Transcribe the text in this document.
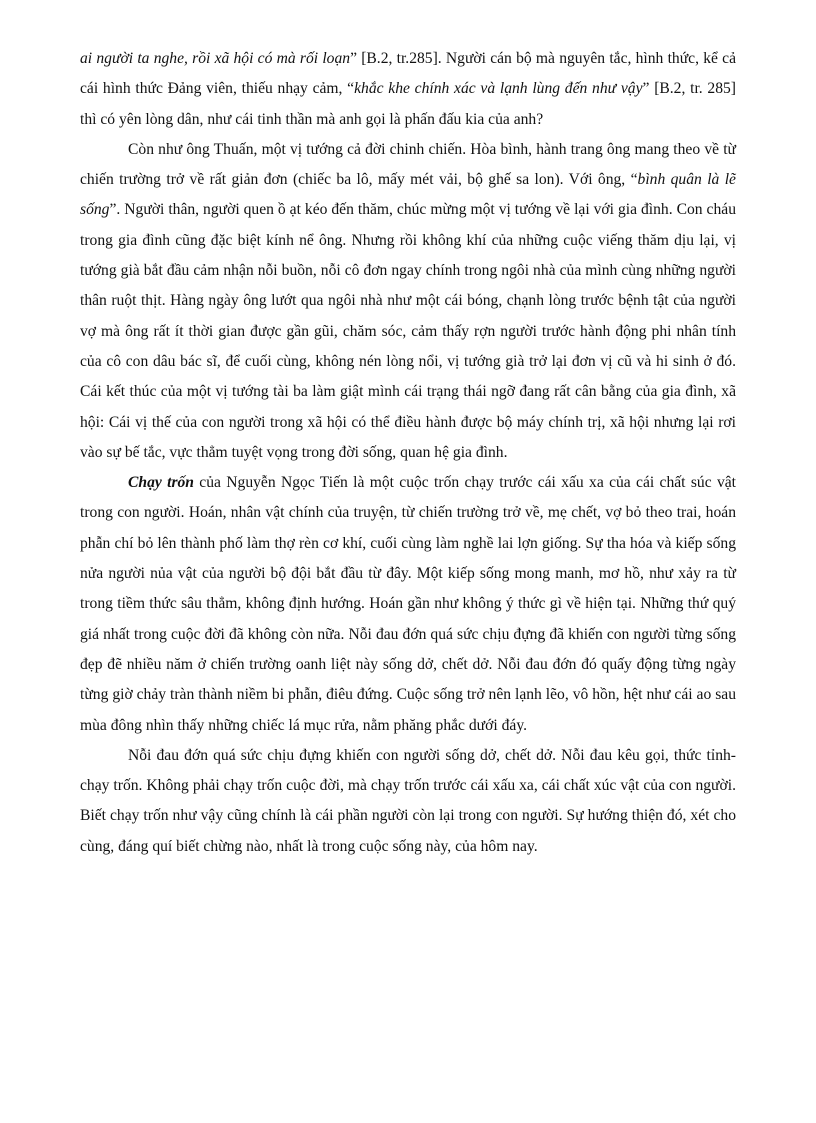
ai người ta nghe, rồi xã hội có mà rối loạn” [B.2, tr.285]. Người cán bộ mà nguyên tắc, hình thức, kể cả cái hình thức Đảng viên, thiếu nhạy cảm, “khắc khe chính xác và lạnh lùng đến như vậy” [B.2, tr. 285] thì có yên lòng dân, như cái tinh thần mà anh gọi là phấn đấu kia của anh?

Còn như ông Thuấn, một vị tướng cả đời chinh chiến. Hòa bình, hành trang ông mang theo về từ chiến trường trở về rất giản đơn (chiếc ba lô, mấy mét vải, bộ ghế sa lon). Với ông, “bình quân là lẽ sống”. Người thân, người quen ồ ạt kéo đến thăm, chúc mừng một vị tướng về lại với gia đình. Con cháu trong gia đình cũng đặc biệt kính nể ông. Nhưng rồi không khí của những cuộc viếng thăm dịu lại, vị tướng già bắt đầu cảm nhận nỗi buồn, nỗi cô đơn ngay chính trong ngôi nhà của mình cùng những người thân ruột thịt. Hàng ngày ông lướt qua ngôi nhà như một cái bóng, chạnh lòng trước bệnh tật của người vợ mà ông rất ít thời gian được gần gũi, chăm sóc, cảm thấy rợn người trước hành động phi nhân tính của cô con dâu bác sĩ, để cuối cùng, không nén lòng nổi, vị tướng già trở lại đơn vị cũ và hi sinh ở đó. Cái kết thúc của một vị tướng tài ba làm giật mình cái trạng thái ngỡ đang rất cân bằng của gia đình, xã hội: Cái vị thế của con người trong xã hội có thể điều hành được bộ máy chính trị, xã hội nhưng lại rơi vào sự bế tắc, vực thẳm tuyệt vọng trong đời sống, quan hệ gia đình.

Chạy trốn của Nguyễn Ngọc Tiến là một cuộc trốn chạy trước cái xấu xa của cái chất súc vật trong con người. Hoán, nhân vật chính của truyện, từ chiến trường trở về, mẹ chết, vợ bỏ theo trai, hoán phẫn chí bỏ lên thành phố làm thợ rèn cơ khí, cuối cùng làm nghề lai lợn giống. Sự tha hóa và kiếp sống nửa người nủa vật của người bộ đội bắt đầu từ đây. Một kiếp sống mong manh, mơ hồ, như xảy ra từ trong tiềm thức sâu thẳm, không định hướng. Hoán gần như không ý thức gì về hiện tại. Những thứ quý giá nhất trong cuộc đời đã không còn nữa. Nỗi đau đớn quá sức chịu đựng đã khiến con người từng sống đẹp đẽ nhiều năm ở chiến trường oanh liệt này sống dở, chết dở. Nỗi đau đớn đó quấy động từng ngày từng giờ chảy tràn thành niềm bi phẫn, điêu đứng. Cuộc sống trở nên lạnh lẽo, vô hồn, hệt như cái ao sau mùa đông nhìn thấy những chiếc lá mục rửa, nằm phăng phắc dưới đáy.

Nỗi đau đớn quá sức chịu đựng khiến con người sống dở, chết dở. Nỗi đau kêu gọi, thức tỉnh- chạy trốn. Không phải chạy trốn cuộc đời, mà chạy trốn trước cái xấu xa, cái chất xúc vật của con người. Biết chạy trốn như vậy cũng chính là cái phần người còn lại trong con người. Sự hướng thiện đó, xét cho cùng, đáng quí biết chừng nào, nhất là trong cuộc sống này, của hôm nay.
